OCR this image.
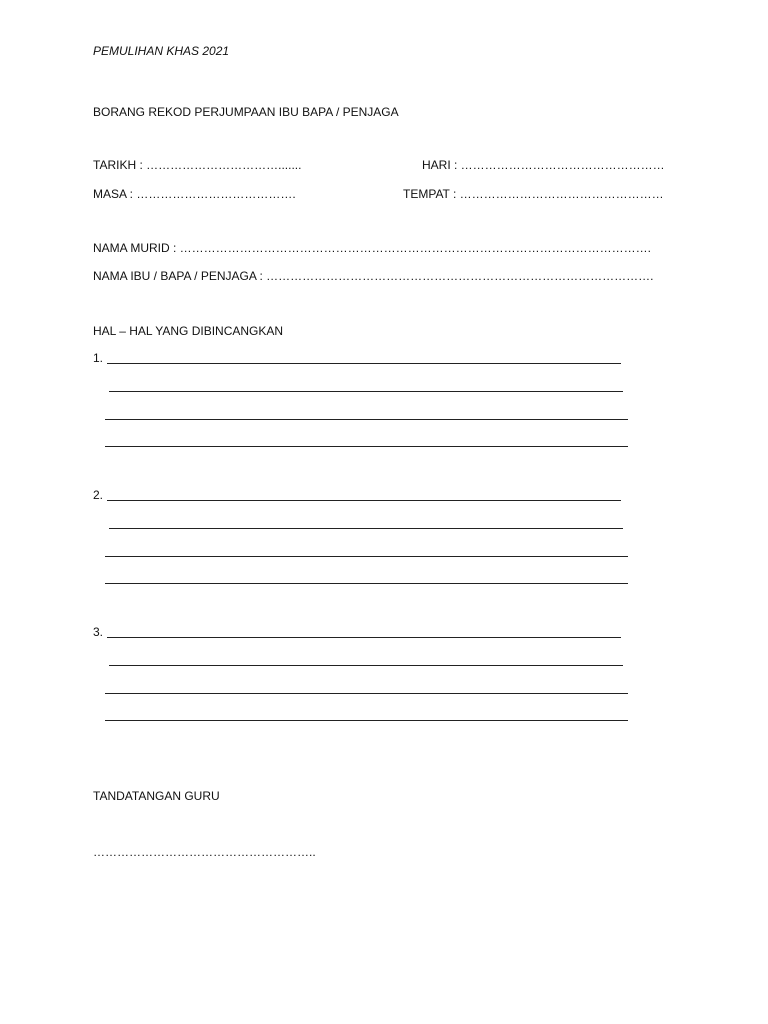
PEMULIHAN KHAS 2021
BORANG REKOD PERJUMPAAN IBU BAPA / PENJAGA
TARIKH : …………………………….......	HARI : ……………………………………………
MASA : ………………………………….	TEMPAT : ……………………………………………
NAMA MURID : ……………………………………………………………………………………………………….
NAMA IBU / BAPA / PENJAGA : …………………………………………………………………………………….
HAL – HAL YANG DIBINCANGKAN
1.
2.
3.
TANDATANGAN GURU
………………………………………………..
